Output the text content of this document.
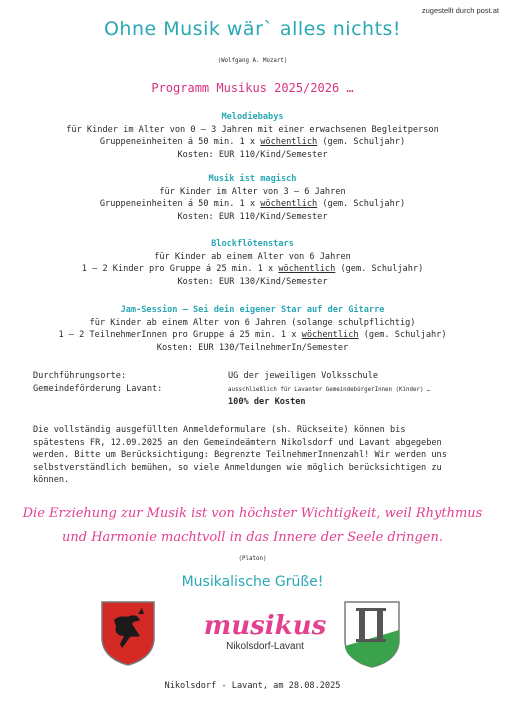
zugestellt durch post.at
Ohne Musik wär` alles nichts!
(Wolfgang A. Mozart)
Programm Musikus 2025/2026 …
Melodiebabys
für Kinder im Alter von 0 – 3 Jahren mit einer erwachsenen Begleitperson
Gruppeneinheiten á 50 min. 1 x wöchentlich (gem. Schuljahr)
Kosten: EUR 110/Kind/Semester
Musik ist magisch
für Kinder im Alter von 3 – 6 Jahren
Gruppeneinheiten á 50 min. 1 x wöchentlich (gem. Schuljahr)
Kosten: EUR 110/Kind/Semester
Blockflötenstars
für Kinder ab einem Alter von 6 Jahren
1 – 2 Kinder pro Gruppe á 25 min. 1 x wöchentlich (gem. Schuljahr)
Kosten: EUR 130/Kind/Semester
Jam-Session – Sei dein eigener Star auf der Gitarre
für Kinder ab einem Alter von 6 Jahren (solange schulpflichtig)
1 – 2 TeilnehmerInnen pro Gruppe á 25 min. 1 x wöchentlich (gem. Schuljahr)
Kosten: EUR 130/TeilnehmerIn/Semester
Durchführungsorte:	UG der jeweiligen Volksschule
Gemeindeförderung Lavant:	ausschließlich für Lavanter GemeindebürgerInnen (Kinder) …
100% der Kosten
Die vollständig ausgefüllten Anmeldeformulare (sh. Rückseite) können bis
spätestens FR, 12.09.2025 an den Gemeindeämtern Nikolsdorf und Lavant abgegeben
werden. Bitte um Berücksichtigung: Begrenzte TeilnehmerInnenzahl! Wir werden uns
selbstverständlich bemühen, so viele Anmeldungen wie möglich berücksichtigen zu
können.
Die Erziehung zur Musik ist von höchster Wichtigkeit, weil Rhythmus
und Harmonie machtvoll in das Innere der Seele dringen.
(Platon)
Musikalische Grüße!
musikus
Nikolsdorf-Lavant
Nikolsdorf - Lavant, am 28.08.2025
